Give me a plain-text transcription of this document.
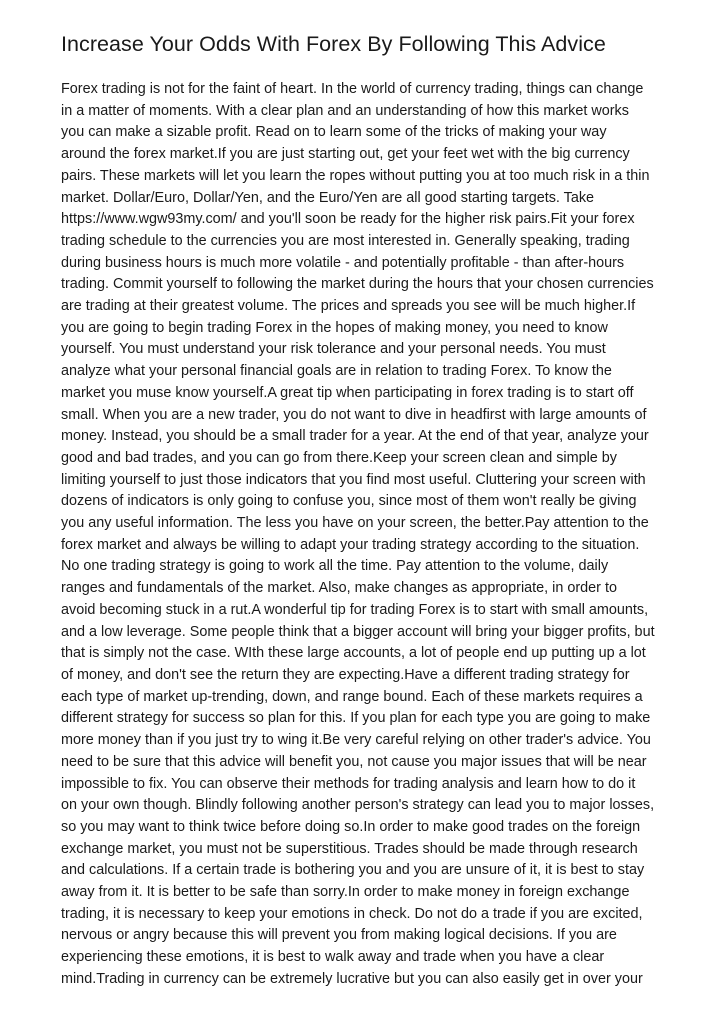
Increase Your Odds With Forex By Following This Advice
Forex trading is not for the faint of heart. In the world of currency trading, things can change
in a matter of moments. With a clear plan and an understanding of how this market works
you can make a sizable profit. Read on to learn some of the tricks of making your way
around the forex market.If you are just starting out, get your feet wet with the big currency
pairs. These markets will let you learn the ropes without putting you at too much risk in a thin
market. Dollar/Euro, Dollar/Yen, and the Euro/Yen are all good starting targets. Take
https://www.wgw93my.com/ and you'll soon be ready for the higher risk pairs.Fit your forex
trading schedule to the currencies you are most interested in. Generally speaking, trading
during business hours is much more volatile - and potentially profitable - than after-hours
trading. Commit yourself to following the market during the hours that your chosen currencies
are trading at their greatest volume. The prices and spreads you see will be much higher.If
you are going to begin trading Forex in the hopes of making money, you need to know
yourself. You must understand your risk tolerance and your personal needs. You must
analyze what your personal financial goals are in relation to trading Forex. To know the
market you muse know yourself.A great tip when participating in forex trading is to start off
small. When you are a new trader, you do not want to dive in headfirst with large amounts of
money. Instead, you should be a small trader for a year. At the end of that year, analyze your
good and bad trades, and you can go from there.Keep your screen clean and simple by
limiting yourself to just those indicators that you find most useful. Cluttering your screen with
dozens of indicators is only going to confuse you, since most of them won't really be giving
you any useful information. The less you have on your screen, the better.Pay attention to the
forex market and always be willing to adapt your trading strategy according to the situation.
No one trading strategy is going to work all the time. Pay attention to the volume, daily
ranges and fundamentals of the market. Also, make changes as appropriate, in order to
avoid becoming stuck in a rut.A wonderful tip for trading Forex is to start with small amounts,
and a low leverage. Some people think that a bigger account will bring your bigger profits, but
that is simply not the case. WIth these large accounts, a lot of people end up putting up a lot
of money, and don't see the return they are expecting.Have a different trading strategy for
each type of market up-trending, down, and range bound. Each of these markets requires a
different strategy for success so plan for this. If you plan for each type you are going to make
more money than if you just try to wing it.Be very careful relying on other trader's advice. You
need to be sure that this advice will benefit you, not cause you major issues that will be near
impossible to fix. You can observe their methods for trading analysis and learn how to do it
on your own though. Blindly following another person's strategy can lead you to major losses,
so you may want to think twice before doing so.In order to make good trades on the foreign
exchange market, you must not be superstitious. Trades should be made through research
and calculations. If a certain trade is bothering you and you are unsure of it, it is best to stay
away from it. It is better to be safe than sorry.In order to make money in foreign exchange
trading, it is necessary to keep your emotions in check. Do not do a trade if you are excited,
nervous or angry because this will prevent you from making logical decisions. If you are
experiencing these emotions, it is best to walk away and trade when you have a clear
mind.Trading in currency can be extremely lucrative but you can also easily get in over your
